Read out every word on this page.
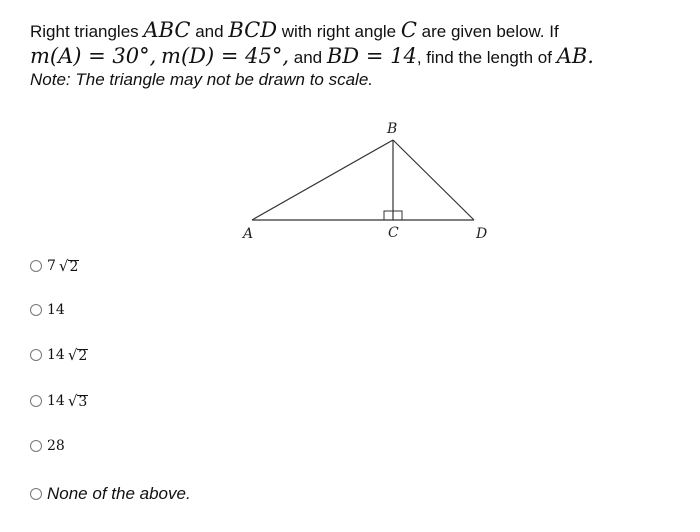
Right triangles ABC and BCD with right angle C are given below. If
m(A) = 30°, m(D) = 45°, and BD = 14, find the length of AB.
Note: The triangle may not be drawn to scale.
B
A	C	D
7 √ 2
14
14 √ 2
14 √ 3
28
None of the above.
